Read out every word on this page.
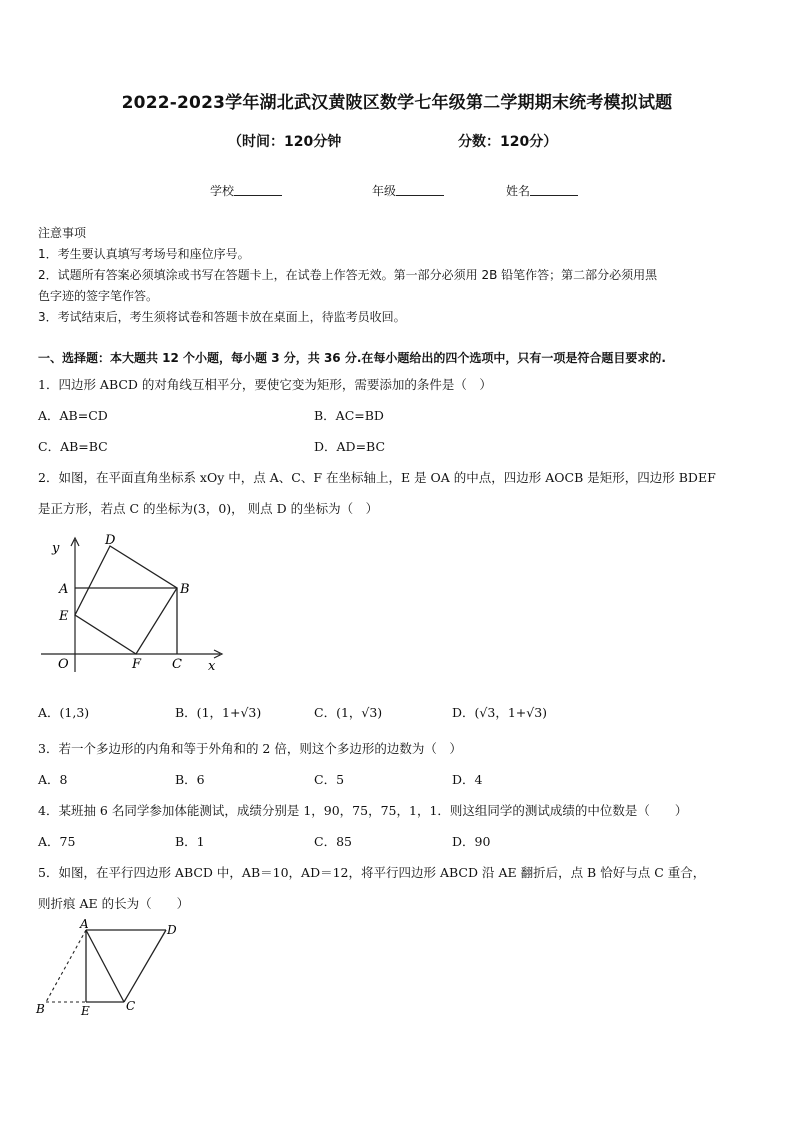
2022-2023学年湖北武汉黄陂区数学七年级第二学期期末统考模拟试题
（时间：120分钟	分数：120分）
学校	年级	姓名
注意事项
1．考生要认真填写考场号和座位序号。
2．试题所有答案必须填涂或书写在答题卡上，在试卷上作答无效。第一部分必须用 2B 铅笔作答；第二部分必须用黑
色字迹的签字笔作答。
3．考试结束后，考生须将试卷和答题卡放在桌面上，待监考员收回。
一、选择题：本大题共 12 个小题，每小题 3 分，共 36 分.在每小题给出的四个选项中，只有一项是符合题目要求的.
1．四边形 ABCD 的对角线互相平分，要使它变为矩形，需要添加的条件是（　）
A．AB=CD	B．AC=BD
C．AB=BC	D．AD=BC
2．如图，在平面直角坐标系 xOy 中，点 A、C、F 在坐标轴上，E 是 OA 的中点，四边形 AOCB 是矩形，四边形 BDEF
是正方形，若点 C 的坐标为(3，0)， 则点 D 的坐标为（　）
y
D
A	B
E
O	F C x
A．(1,3)	B．(1，1+√3)	C．(1，√3)	D．(√3，1+√3)
3．若一个多边形的内角和等于外角和的 2 倍，则这个多边形的边数为（　）
A．8	B．6	C．5	D．4
4．某班抽 6 名同学参加体能测试，成绩分别是 1，90，75，75，1，1．则这组同学的测试成绩的中位数是（　　）
A．75	B．1	C．85	D．90
5．如图，在平行四边形 ABCD 中，AB＝10，AD＝12，将平行四边形 ABCD 沿 AE 翻折后，点 B 恰好与点 C 重合，
则折痕 AE 的长为（　　）
A	D
B	E	C
